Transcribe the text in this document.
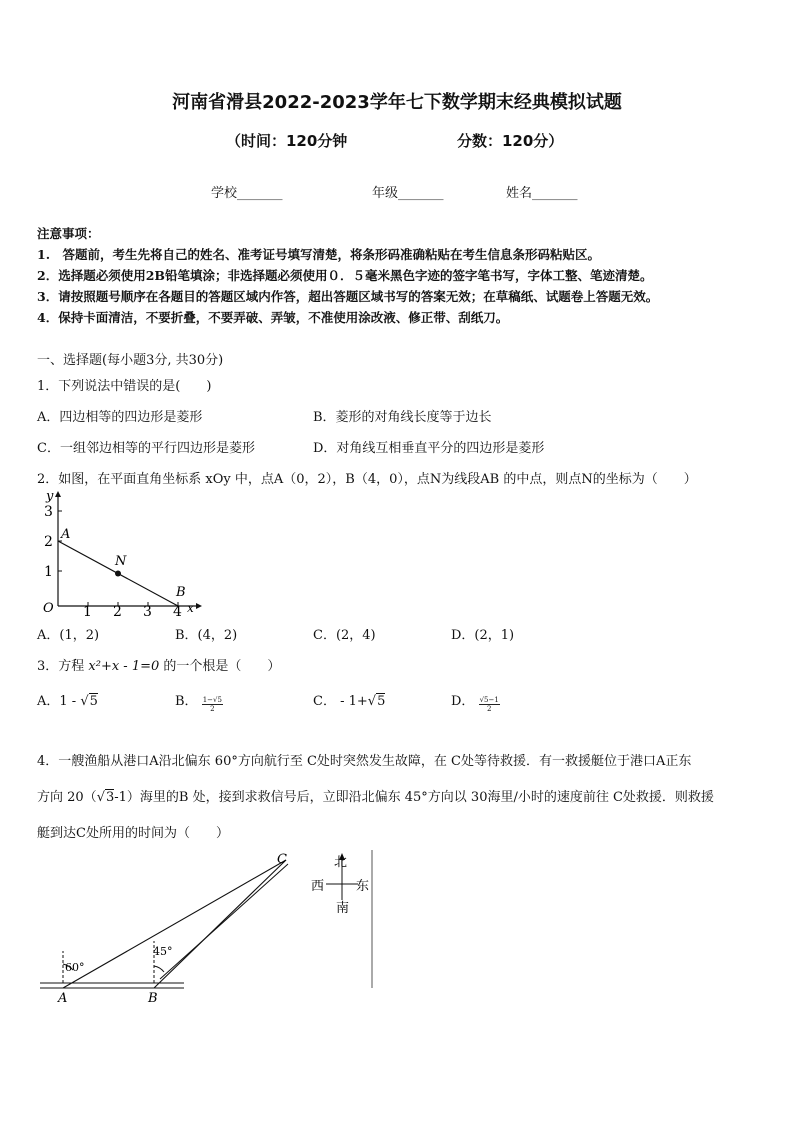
河南省滑县2022-2023学年七下数学期末经典模拟试题
（时间：120分钟	分数：120分）
学校_______	年级_______	姓名_______
注意事项：
1.　答题前，考生先将自己的姓名、准考证号填写清楚，将条形码准确粘贴在考生信息条形码粘贴区。
2．选择题必须使用2B铅笔填涂；非选择题必须使用０．５毫米黑色字迹的签字笔书写，字体工整、笔迹清楚。
3．请按照题号顺序在各题目的答题区域内作答，超出答题区域书写的答案无效；在草稿纸、试题卷上答题无效。
4．保持卡面清洁，不要折叠，不要弄破、弄皱，不准使用涂改液、修正带、刮纸刀。
一、选择题(每小题3分, 共30分)
1．下列说法中错误的是(　　)
A．四边相等的四边形是菱形	B．菱形的对角线长度等于边长
C．一组邻边相等的平行四边形是菱形	D．对角线互相垂直平分的四边形是菱形
2．如图，在平面直角坐标系 xOy 中，点A（0，2），B（4，0），点N为线段AB 的中点，则点N的坐标为（　　）
y
3
2
1
O 1 2 3 4 x
A
N
B
A．(1，2)	B．(4，2)	C．(2，4)	D．(2，1)
3．方程 x²+x - 1=0 的一个根是（　　）
A．1 - √5	B． $\frac{1-√5}{2}$	C． - 1+√5	D． $\frac{√5-1}{2}$
4．一艘渔船从港口A沿北偏东 60°方向航行至 C处时突然发生故障，在 C处等待救援．有一救援艇位于港口A正东
方向 20（√3-1）海里的B 处，接到求救信号后，立即沿北偏东 45°方向以 30海里/小时的速度前往 C处救援．则救援
艇到达C处所用的时间为（　　）
C
A	B
60°
45°
北
西 东
南
